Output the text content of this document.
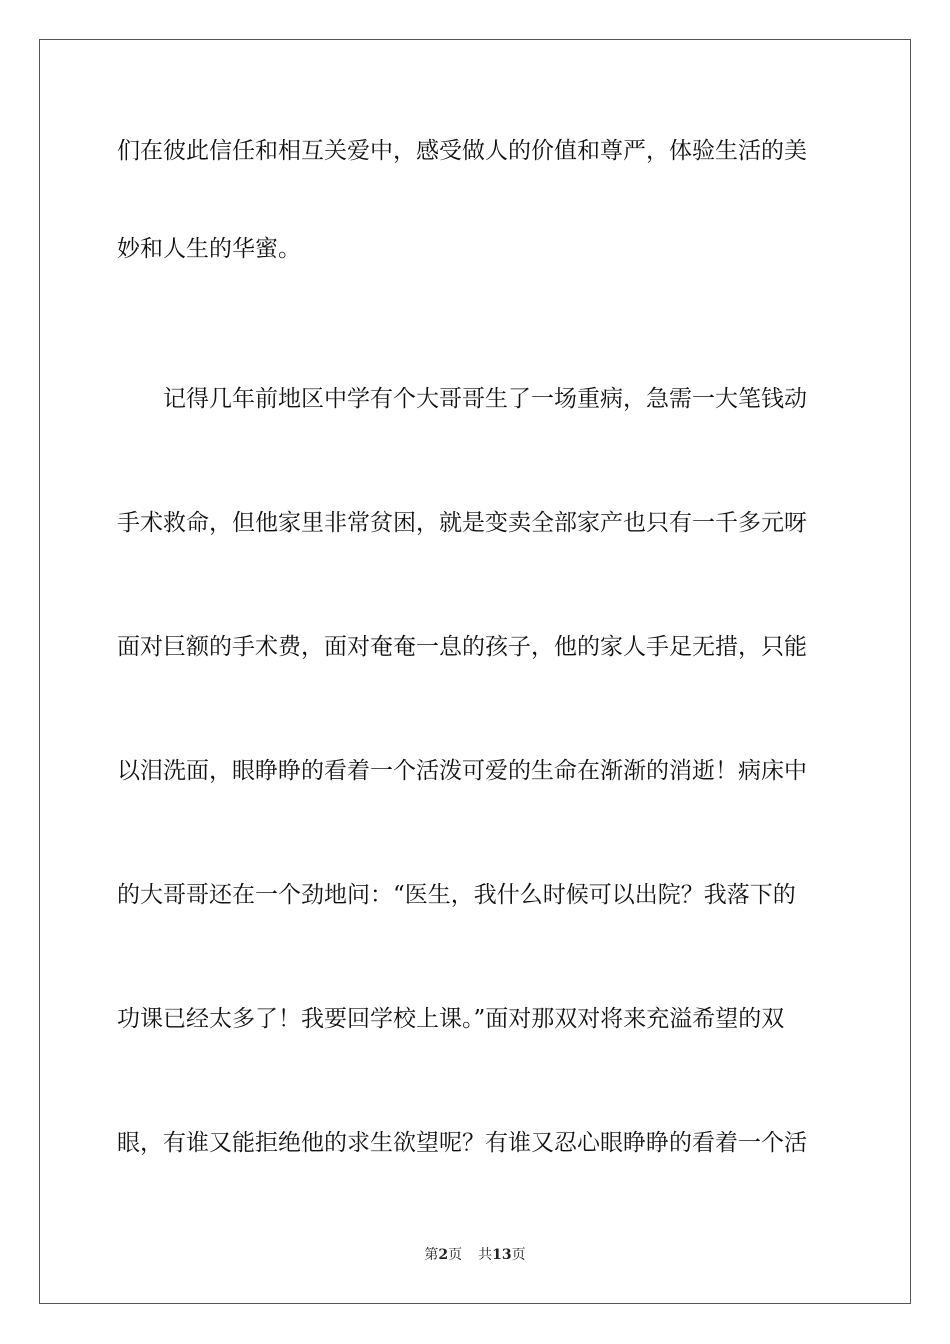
们在彼此信任和相互关爱中，感受做人的价值和尊严，体验生活的美
妙和人生的华蜜。
　　记得几年前地区中学有个大哥哥生了一场重病，急需一大笔钱动
手术救命，但他家里非常贫困，就是变卖全部家产也只有一千多元呀
面对巨额的手术费，面对奄奄一息的孩子，他的家人手足无措，只能
以泪洗面，眼睁睁的看着一个活泼可爱的生命在渐渐的消逝！病床中
的大哥哥还在一个劲地问：“医生，我什么时候可以出院？我落下的
功课已经太多了！我要回学校上课。”面对那双对将来充溢希望的双
眼，有谁又能拒绝他的求生欲望呢？有谁又忍心眼睁睁的看着一个活
第2页 共13页
